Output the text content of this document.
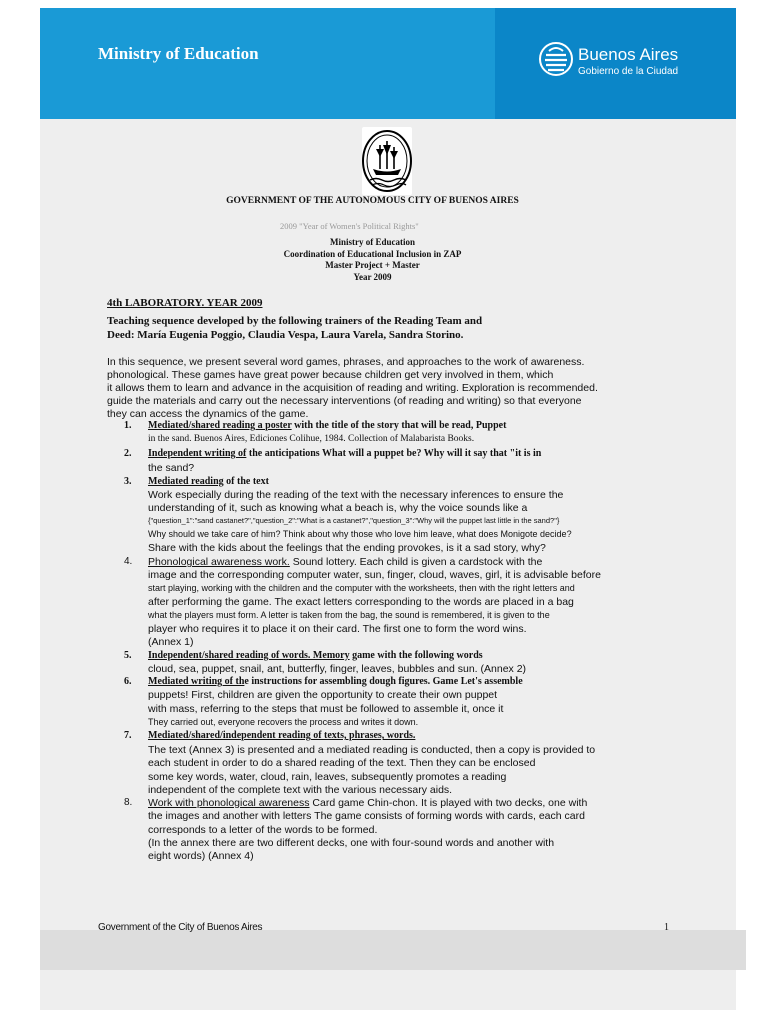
Ministry of Education	Buenos Aires
Gobierno de la Ciudad
GOVERNMENT OF THE AUTONOMOUS CITY OF BUENOS AIRES
2009 "Year of Women's Political Rights"
Ministry of Education
Coordination of Educational Inclusion in ZAP
Master Project + Master
Year 2009
4th LABORATORY. YEAR 2009
Teaching sequence developed by the following trainers of the Reading Team and
Deed: María Eugenia Poggio, Claudia Vespa, Laura Varela, Sandra Storino.
In this sequence, we present several word games, phrases, and approaches to the work of awareness.
phonological. These games have great power because children get very involved in them, which
it allows them to learn and advance in the acquisition of reading and writing. Exploration is recommended.
guide the materials and carry out the necessary interventions (of reading and writing) so that everyone
they can access the dynamics of the game.
1. Mediated/shared reading a poster with the title of the story that will be read, Puppet
in the sand. Buenos Aires, Ediciones Colihue, 1984. Collection of Malabarista Books.
2. Independent writing of the anticipations What will a puppet be? Why will it say that "it is in
the sand?
3. Mediated reading of the text
Work especially during the reading of the text with the necessary inferences to ensure the
understanding of it, such as knowing what a beach is, why the voice sounds like a
{"question_1":"sand castanet?","question_2":"What is a castanet?","question_3":"Why will the puppet last little in the sand?"}
Why should we take care of him? Think about why those who love him leave, what does Monigote decide?
Share with the kids about the feelings that the ending provokes, is it a sad story, why?
4. Phonological awareness work. Sound lottery. Each child is given a cardstock with the
image and the corresponding computer water, sun, finger, cloud, waves, girl, it is advisable before
start playing, working with the children and the computer with the worksheets, then with the right letters and
after performing the game. The exact letters corresponding to the words are placed in a bag
what the players must form. A letter is taken from the bag, the sound is remembered, it is given to the
player who requires it to place it on their card. The first one to form the word wins.
(Annex 1)
5. Independent/shared reading of words. Memory game with the following words
cloud, sea, puppet, snail, ant, butterfly, finger, leaves, bubbles and sun. (Annex 2)
6. Mediated writing of the instructions for assembling dough figures. Game Let's assemble
puppets! First, children are given the opportunity to create their own puppet
with mass, referring to the steps that must be followed to assemble it, once it
They carried out, everyone recovers the process and writes it down.
7. Mediated/shared/independent reading of texts, phrases, words.
The text (Annex 3) is presented and a mediated reading is conducted, then a copy is provided to
each student in order to do a shared reading of the text. Then they can be enclosed
some key words, water, cloud, rain, leaves, subsequently promotes a reading
independent of the complete text with the various necessary aids.
8. Work with phonological awareness Card game Chin-chon. It is played with two decks, one with
the images and another with letters The game consists of forming words with cards, each card
corresponds to a letter of the words to be formed.
(In the annex there are two different decks, one with four-sound words and another with
eight words) (Annex 4)
Government of the City of Buenos Aires	1
